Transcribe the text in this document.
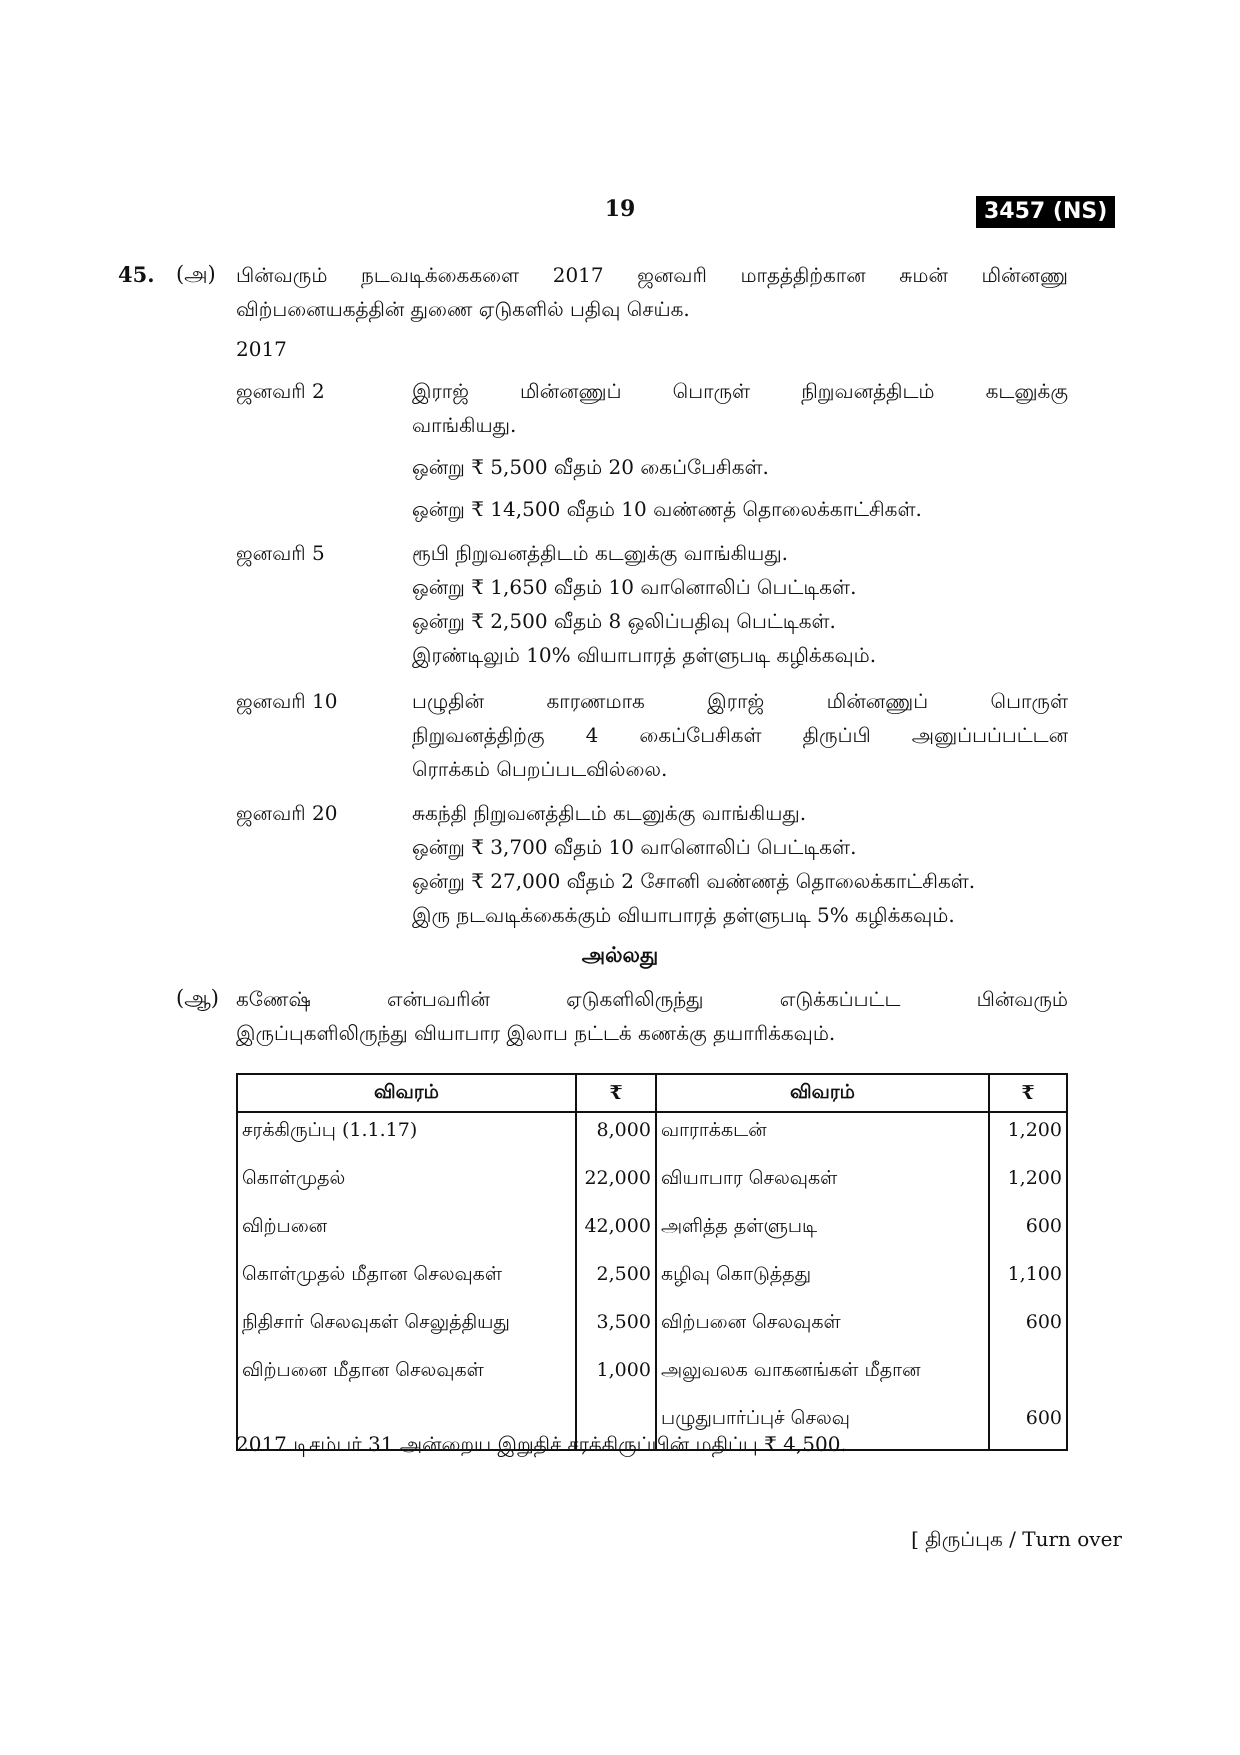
19	3457 (NS)
45. (அ) பின்வரும் நடவடிக்கைகளை 2017 ஜனவரி மாதத்திற்கான சுமன் மின்னணு
விற்பனையகத்தின் துணை ஏடுகளில் பதிவு செய்க.
2017
ஜனவரி 2	இராஜ் மின்னணுப் பொருள் நிறுவனத்திடம் கடனுக்கு
வாங்கியது.
ஒன்று ₹ 5,500 வீதம் 20 கைப்பேசிகள்.
ஒன்று ₹ 14,500 வீதம் 10 வண்ணத் தொலைக்காட்சிகள்.
ஜனவரி 5	ரூபி நிறுவனத்திடம் கடனுக்கு வாங்கியது.
ஒன்று ₹ 1,650 வீதம் 10 வானொலிப் பெட்டிகள்.
ஒன்று ₹ 2,500 வீதம் 8 ஒலிப்பதிவு பெட்டிகள்.
இரண்டிலும் 10% வியாபாரத் தள்ளுபடி கழிக்கவும்.
ஜனவரி 10	பழுதின் காரணமாக இராஜ் மின்னணுப் பொருள்
நிறுவனத்திற்கு 4 கைப்பேசிகள் திருப்பி அனுப்பப்பட்டன
ரொக்கம் பெறப்படவில்லை.
ஜனவரி 20	சுகந்தி நிறுவனத்திடம் கடனுக்கு வாங்கியது.
ஒன்று ₹ 3,700 வீதம் 10 வானொலிப் பெட்டிகள்.
ஒன்று ₹ 27,000 வீதம் 2 சோனி வண்ணத் தொலைக்காட்சிகள்.
இரு நடவடிக்கைக்கும் வியாபாரத் தள்ளுபடி 5% கழிக்கவும்.
அல்லது
(ஆ) கணேஷ் என்பவரின் ஏடுகளிலிருந்து எடுக்கப்பட்ட பின்வரும்
இருப்புகளிலிருந்து வியாபார இலாப நட்டக் கணக்கு தயாரிக்கவும்.
விவரம்	₹	விவரம்	₹
சரக்கிருப்பு (1.1.17)	8,000	வாராக்கடன்	1,200
கொள்முதல்	22,000	வியாபார செலவுகள்	1,200
விற்பனை	42,000	அளித்த தள்ளுபடி	600
கொள்முதல் மீதான செலவுகள்	2,500	கழிவு கொடுத்தது	1,100
நிதிசார் செலவுகள் செலுத்தியது	3,500	விற்பனை செலவுகள்	600
விற்பனை மீதான செலவுகள்	1,000	அலுவலக வாகனங்கள் மீதான	
		பழுதுபார்ப்புச் செலவு	600
2017 டிசம்பர் 31 அன்றைய இறுதிச் சரக்கிருப்பின் மதிப்பு ₹ 4,500.
[ திருப்புக / Turn over
